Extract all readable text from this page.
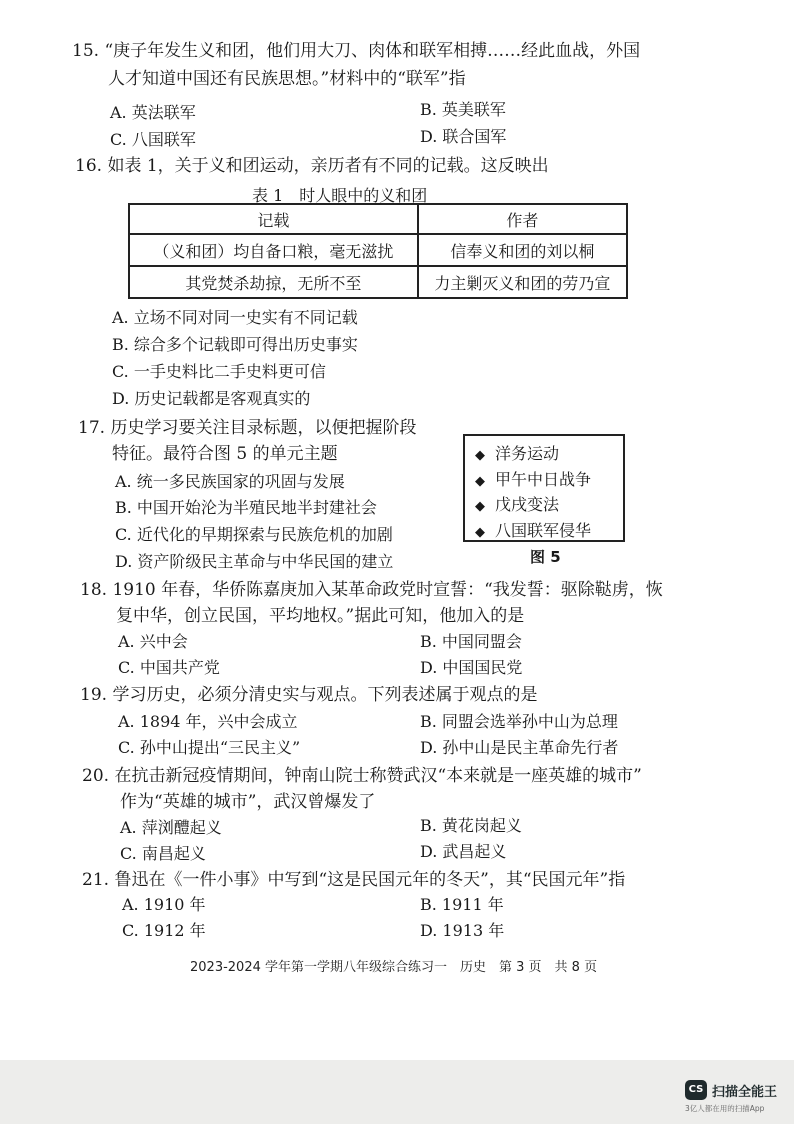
15. “庚子年发生义和团，他们用大刀、肉体和联军相搏……经此血战，外国
人才知道中国还有民族思想。”材料中的“联军”指
A. 英法联军	B. 英美联军
C. 八国联军	D. 联合国军
16. 如表 1，关于义和团运动，亲历者有不同的记载。这反映出
表 1　时人眼中的义和团
记载	作者
（义和团）均自备口粮，毫无滋扰	信奉义和团的刘以桐
其党焚杀劫掠，无所不至	力主剿灭义和团的劳乃宣
A. 立场不同对同一史实有不同记载
B. 综合多个记载即可得出历史事实
C. 一手史料比二手史料更可信
D. 历史记载都是客观真实的
17. 历史学习要关注目录标题，以便把握阶段
特征。最符合图 5 的单元主题
A. 统一多民族国家的巩固与发展
B. 中国开始沦为半殖民地半封建社会
C. 近代化的早期探索与民族危机的加剧
D. 资产阶级民主革命与中华民国的建立
◆ 洋务运动
◆ 甲午中日战争
◆ 戊戌变法
◆ 八国联军侵华
图 5
18. 1910 年春，华侨陈嘉庚加入某革命政党时宣誓：“我发誓：驱除鞑虏，恢
复中华，创立民国，平均地权。”据此可知，他加入的是
A. 兴中会	B. 中国同盟会
C. 中国共产党	D. 中国国民党
19. 学习历史，必须分清史实与观点。下列表述属于观点的是
A. 1894 年，兴中会成立	B. 同盟会选举孙中山为总理
C. 孙中山提出“三民主义”	D. 孙中山是民主革命先行者
20. 在抗击新冠疫情期间，钟南山院士称赞武汉“本来就是一座英雄的城市”
作为“英雄的城市”，武汉曾爆发了
A. 萍浏醴起义	B. 黄花岗起义
C. 南昌起义	D. 武昌起义
21. 鲁迅在《一件小事》中写到“这是民国元年的冬天”，其“民国元年”指
A. 1910 年	B. 1911 年
C. 1912 年	D. 1913 年
2023-2024 学年第一学期八年级综合练习一　历史　第 3 页　共 8 页
CS 扫描全能王
3亿人都在用的扫描App
